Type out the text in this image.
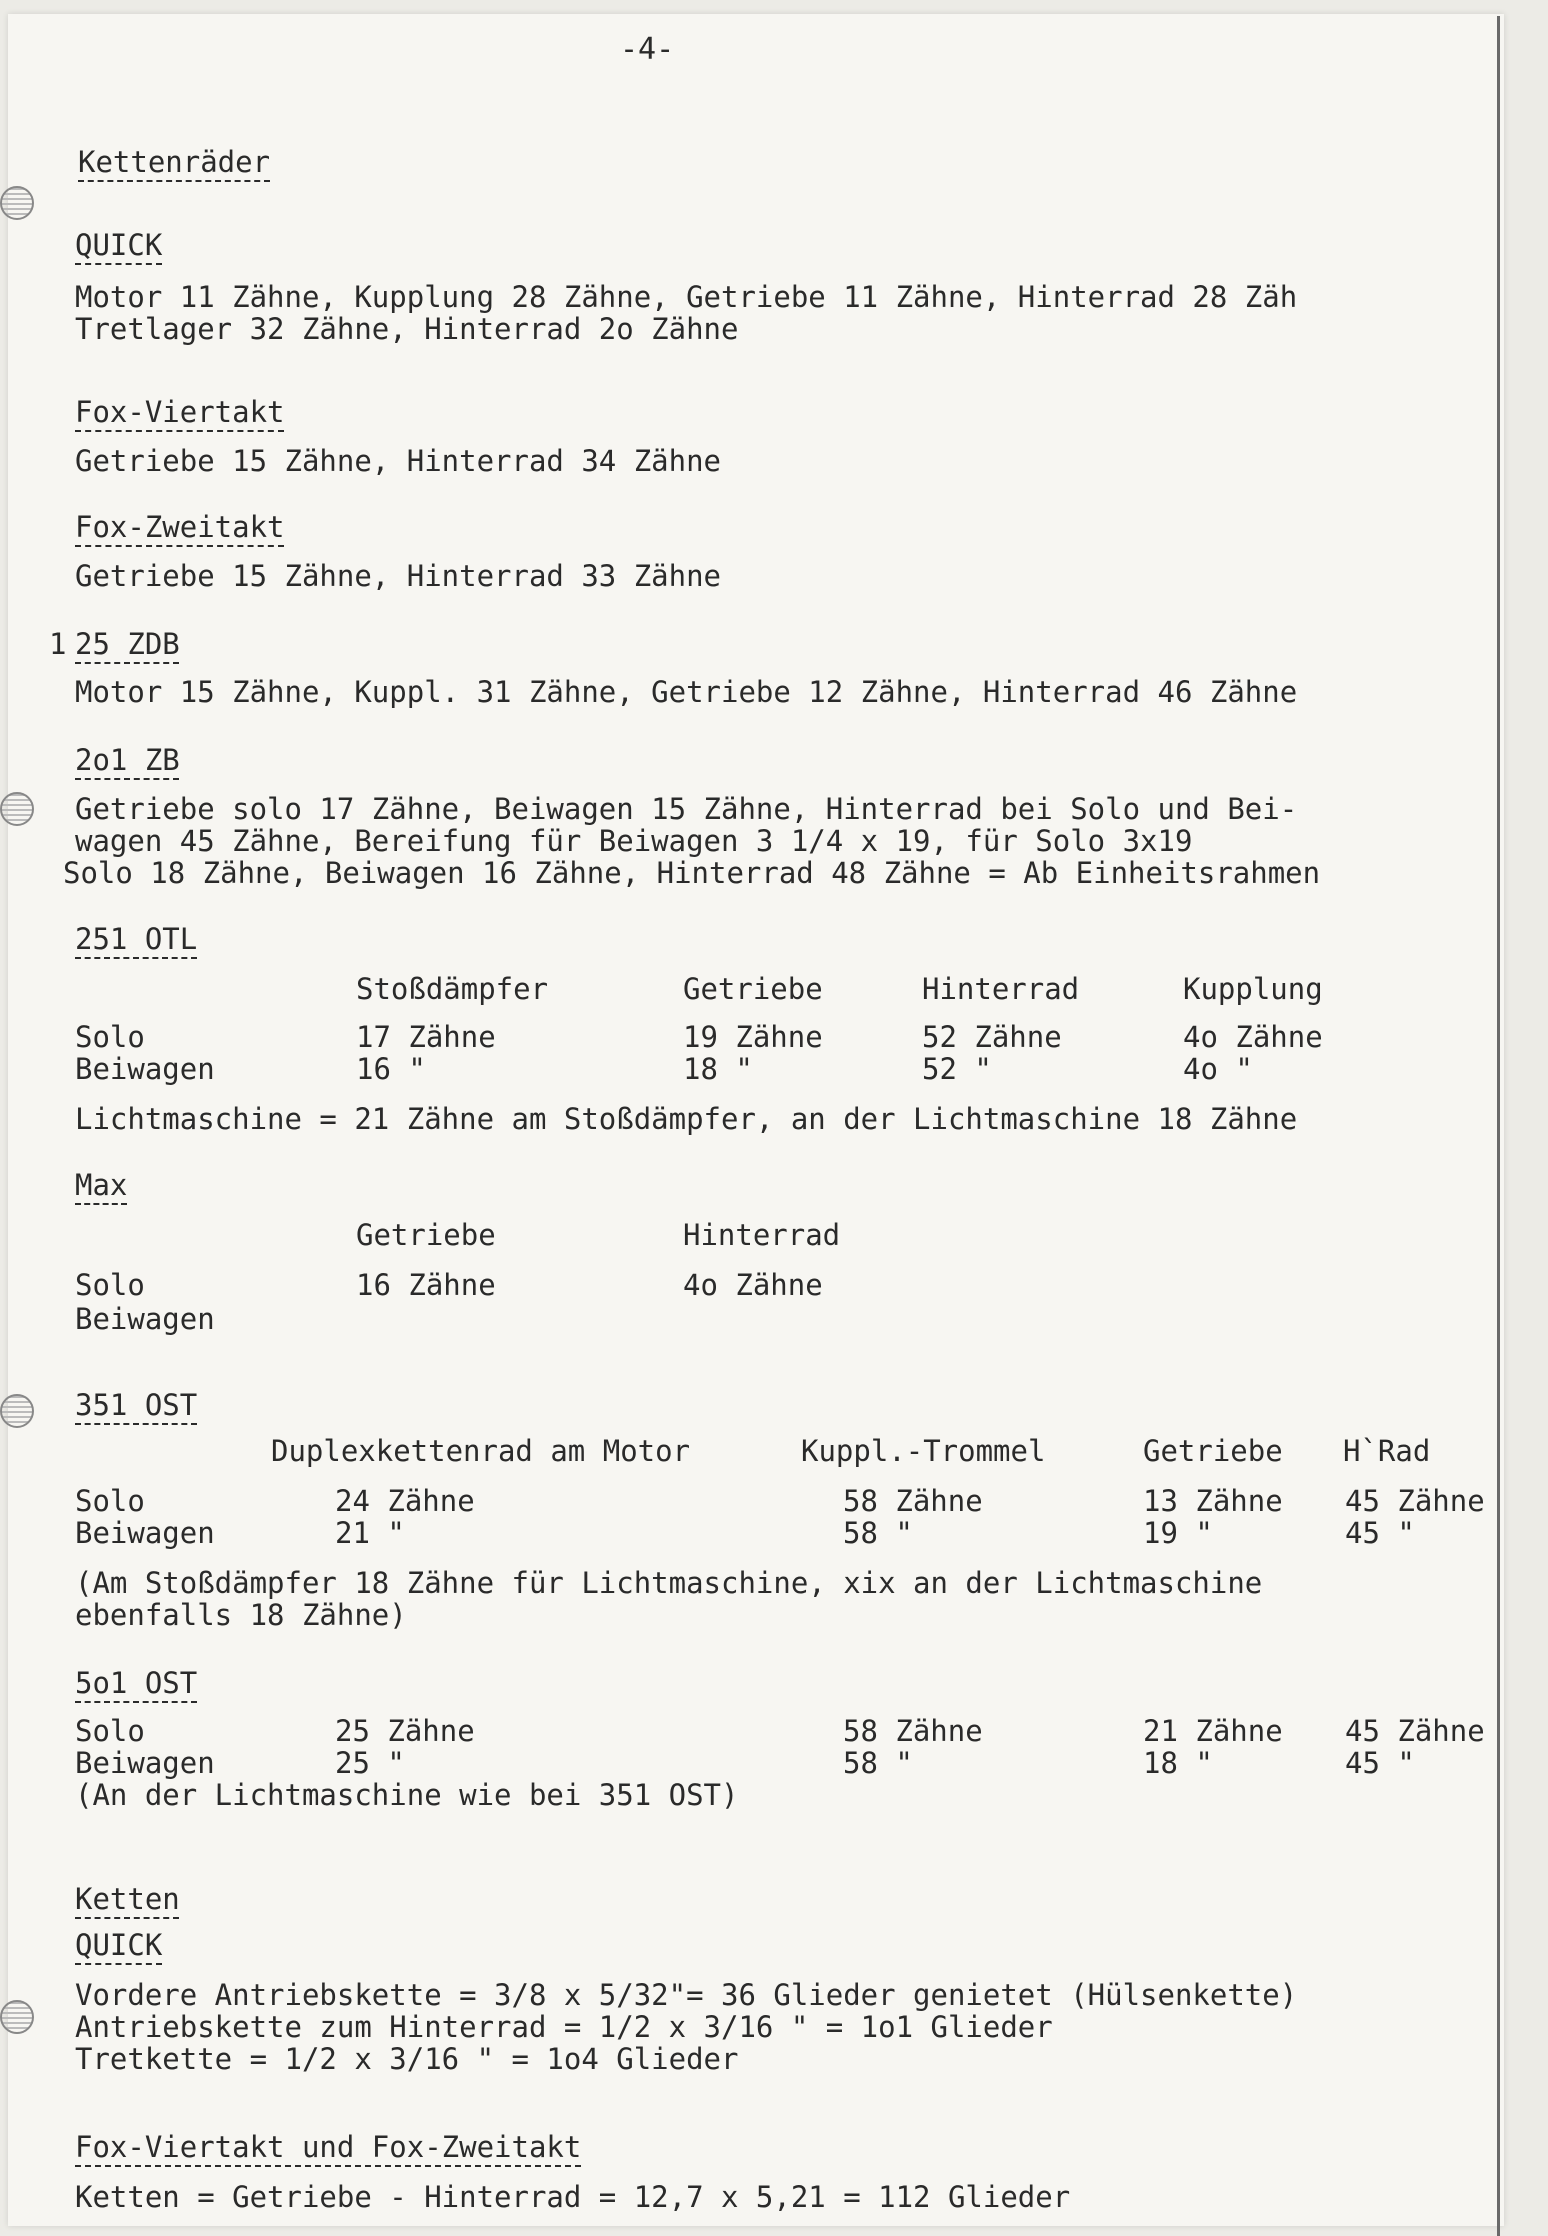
-4-
Kettenräder
QUICK
Motor 11 Zähne, Kupplung 28 Zähne, Getriebe 11 Zähne, Hinterrad 28 Zäh
Tretlager 32 Zähne, Hinterrad 2o Zähne
Fox-Viertakt
Getriebe 15 Zähne, Hinterrad 34 Zähne
Fox-Zweitakt
Getriebe 15 Zähne, Hinterrad 33 Zähne
1 25 ZDB
Motor 15 Zähne, Kuppl. 31 Zähne, Getriebe 12 Zähne, Hinterrad 46 Zähne
2o1 ZB
Getriebe solo 17 Zähne, Beiwagen 15 Zähne, Hinterrad bei Solo und Bei-
wagen 45 Zähne, Bereifung für Beiwagen 3 1/4 x 19, für Solo 3x19
Solo 18 Zähne, Beiwagen 16 Zähne, Hinterrad 48 Zähne = Ab Einheitsrahmen
251 OTL
Stoßdämpfer	Getriebe	Hinterrad	Kupplung
Solo	17 Zähne	19 Zähne	52 Zähne	4o Zähne
Beiwagen	16 "	18 "	52 "	4o "
Lichtmaschine = 21 Zähne am Stoßdämpfer, an der Lichtmaschine 18 Zähne
Max
Getriebe	Hinterrad
Solo	16 Zähne	4o Zähne
Beiwagen
351 OST
Duplexkettenrad am Motor	Kuppl.-Trommel	Getriebe H`Rad
Solo	24 Zähne	58 Zähne	13 Zähne 45 Zähne
Beiwagen	21 "	58 "	19 "	45 "
(Am Stoßdämpfer 18 Zähne für Lichtmaschine, xix an der Lichtmaschine
ebenfalls 18 Zähne)
5o1 OST
Solo	25 Zähne	58 Zähne	21 Zähne 45 Zähne
Beiwagen	25 "	58 "	18 "	45 "
(An der Lichtmaschine wie bei 351 OST)
Ketten
QUICK
Vordere Antriebskette = 3/8 x 5/32"= 36 Glieder genietet (Hülsenkette)
Antriebskette zum Hinterrad = 1/2 x 3/16 " = 1o1 Glieder
Tretkette = 1/2 x 3/16 " = 1o4 Glieder
Fox-Viertakt und Fox-Zweitakt
Ketten = Getriebe - Hinterrad = 12,7 x 5,21 = 112 Glieder
